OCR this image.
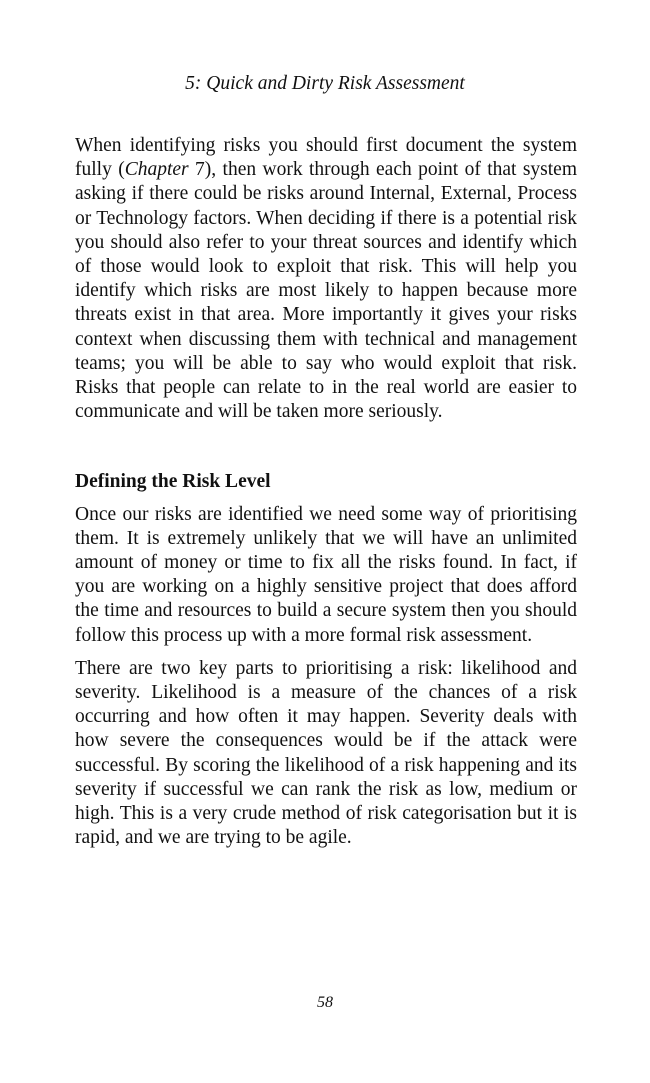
5: Quick and Dirty Risk Assessment

When identifying risks you should first document the system fully (Chapter 7), then work through each point of that system asking if there could be risks around Internal, External, Process or Technology factors. When deciding if there is a potential risk you should also refer to your threat sources and identify which of those would look to exploit that risk. This will help you identify which risks are most likely to happen because more threats exist in that area. More importantly it gives your risks context when discussing them with technical and management teams; you will be able to say who would exploit that risk. Risks that people can relate to in the real world are easier to communicate and will be taken more seriously.

Defining the Risk Level

Once our risks are identified we need some way of prioritising them. It is extremely unlikely that we will have an unlimited amount of money or time to fix all the risks found. In fact, if you are working on a highly sensitive project that does afford the time and resources to build a secure system then you should follow this process up with a more formal risk assessment.

There are two key parts to prioritising a risk: likelihood and severity. Likelihood is a measure of the chances of a risk occurring and how often it may happen. Severity deals with how severe the consequences would be if the attack were successful. By scoring the likelihood of a risk happening and its severity if successful we can rank the risk as low, medium or high. This is a very crude method of risk categorisation but it is rapid, and we are trying to be agile.

58
